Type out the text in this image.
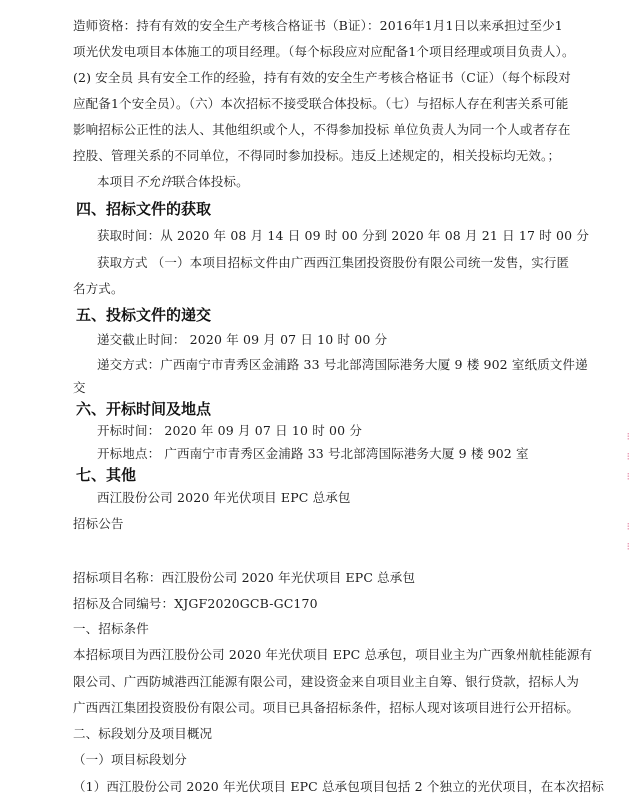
造师资格：持有有效的安全生产考核合格证书（B证）：2016年1月1日以来承担过至少1
项光伏发电项目本体施工的项目经理。（每个标段应对应配备1个项目经理或项目负责人）。
(2) 安全员 具有安全工作的经验，持有有效的安全生产考核合格证书（C证）（每个标段对
应配备1个安全员）。（六）本次招标不接受联合体投标。（七）与招标人存在利害关系可能
影响招标公正性的法人、其他组织或个人，不得参加投标 单位负责人为同一个人或者存在
控股、管理关系的不同单位，不得同时参加投标。违反上述规定的，相关投标均无效。；
本项目不允许联合体投标。
四、招标文件的获取
获取时间：从 2020 年 08 月 14 日 09 时 00 分到 2020 年 08 月 21 日 17 时 00 分
获取方式 （一）本项目招标文件由广西西江集团投资股份有限公司统一发售，实行匿
名方式。
五、投标文件的递交
递交截止时间： 2020 年 09 月 07 日 10 时 00 分
递交方式：广西南宁市青秀区金浦路 33 号北部湾国际港务大厦 9 楼 902 室纸质文件递
交
六、开标时间及地点
开标时间： 2020 年 09 月 07 日 10 时 00 分
开标地点： 广西南宁市青秀区金浦路 33 号北部湾国际港务大厦 9 楼 902 室
七、其他
西江股份公司 2020 年光伏项目 EPC 总承包
招标公告
招标项目名称：西江股份公司 2020 年光伏项目 EPC 总承包
招标及合同编号：XJGF2020GCB-GC170
一、招标条件
本招标项目为西江股份公司 2020 年光伏项目 EPC 总承包，项目业主为广西象州航桂能源有
限公司、广西防城港西江能源有限公司，建设资金来自项目业主自筹、银行贷款，招标人为
广西西江集团投资股份有限公司。项目已具备招标条件，招标人现对该项目进行公开招标。
二、标段划分及项目概况
（一）项目标段划分
（1）西江股份公司 2020 年光伏项目 EPC 总承包项目包括 2 个独立的光伏项目，在本次招标
⁝
⁝
⁝
⁝
⁝
